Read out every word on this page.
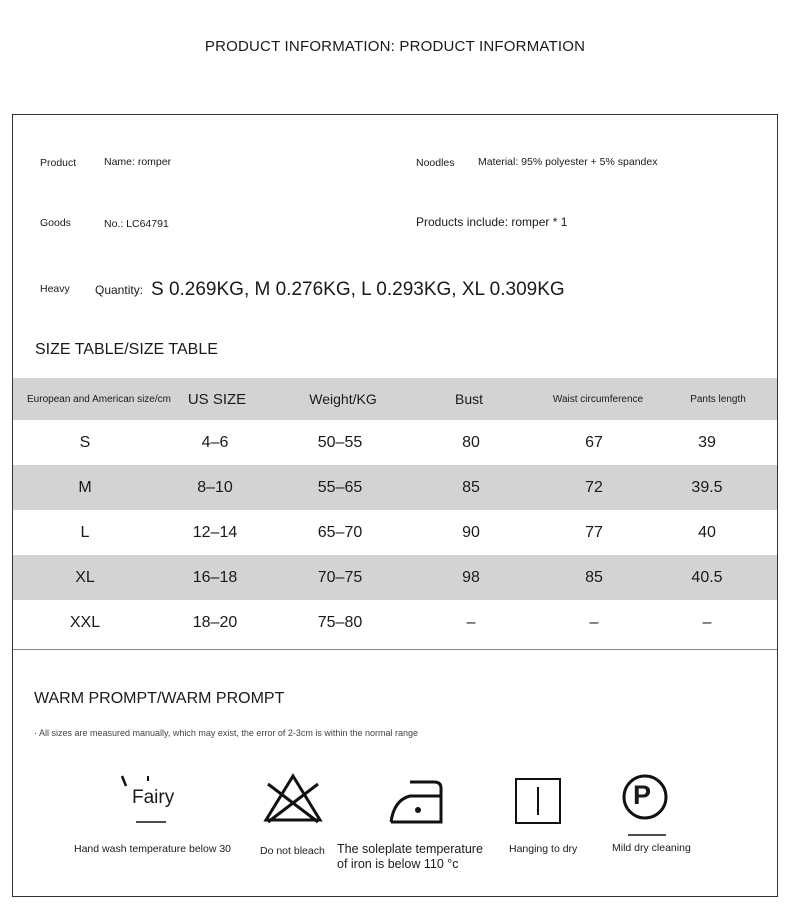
PRODUCT INFORMATION: PRODUCT INFORMATION
Product	Name: romper	Noodles Material: 95% polyester + 5% spandex
Goods	No.: LC64791	Products include: romper * 1
Heavy Quantity: S 0.269KG, M 0.276KG, L 0.293KG, XL 0.309KG
SIZE TABLE/SIZE TABLE
European and American size/cm	US SIZE	Weight/KG	Bust	Waist circumference	Pants length
S	4–6	50–55	80	67	39
M	8–10	55–65	85	72	39.5
L	12–14	65–70	90	77	40
XL	16–18	70–75	98	85	40.5
XXL	18–20	75–80	–	–	–
WARM PROMPT/WARM PROMPT
· All sizes are measured manually, which may exist, the error of 2-3cm is within the normal range
Fairy	P
Hand wash temperature below 30	Do not bleach The soleplate temperature
of iron is below 110 °c
Hanging to dry	Mild dry cleaning
